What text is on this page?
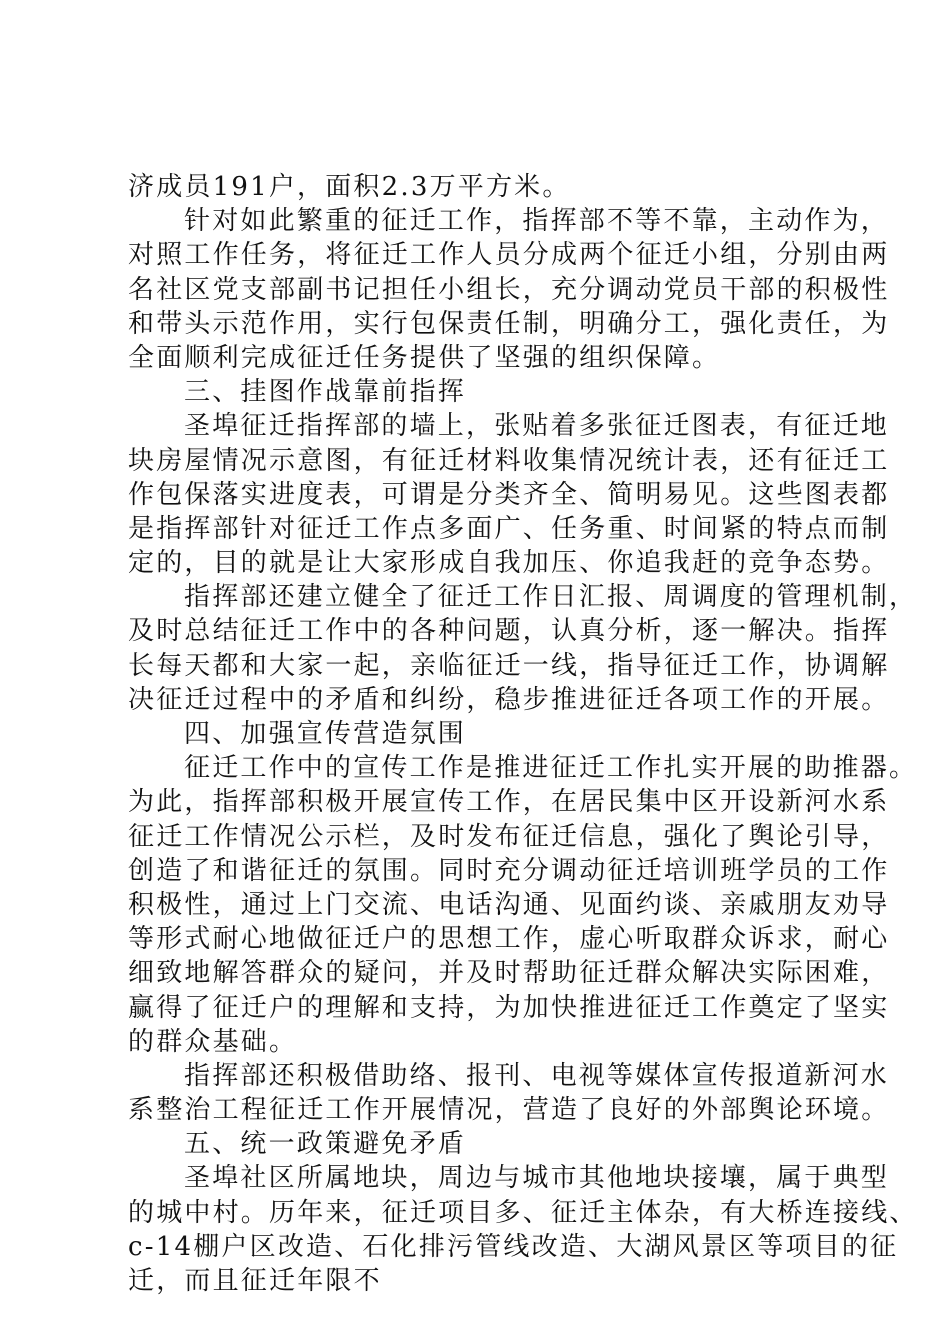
济成员191户，面积2.3万平方米。
针对如此繁重的征迁工作，指挥部不等不靠，主动作为，
对照工作任务，将征迁工作人员分成两个征迁小组，分别由两
名社区党支部副书记担任小组长，充分调动党员干部的积极性
和带头示范作用，实行包保责任制，明确分工，强化责任，为
全面顺利完成征迁任务提供了坚强的组织保障。
三、挂图作战靠前指挥
圣埠征迁指挥部的墙上，张贴着多张征迁图表，有征迁地
块房屋情况示意图，有征迁材料收集情况统计表，还有征迁工
作包保落实进度表，可谓是分类齐全、简明易见。这些图表都
是指挥部针对征迁工作点多面广、任务重、时间紧的特点而制
定的，目的就是让大家形成自我加压、你追我赶的竞争态势。
指挥部还建立健全了征迁工作日汇报、周调度的管理机制，
及时总结征迁工作中的各种问题，认真分析，逐一解决。指挥
长每天都和大家一起，亲临征迁一线，指导征迁工作，协调解
决征迁过程中的矛盾和纠纷，稳步推进征迁各项工作的开展。
四、加强宣传营造氛围
征迁工作中的宣传工作是推进征迁工作扎实开展的助推器。
为此，指挥部积极开展宣传工作，在居民集中区开设新河水系
征迁工作情况公示栏，及时发布征迁信息，强化了舆论引导，
创造了和谐征迁的氛围。同时充分调动征迁培训班学员的工作
积极性，通过上门交流、电话沟通、见面约谈、亲戚朋友劝导
等形式耐心地做征迁户的思想工作，虚心听取群众诉求，耐心
细致地解答群众的疑问，并及时帮助征迁群众解决实际困难，
赢得了征迁户的理解和支持，为加快推进征迁工作奠定了坚实
的群众基础。
指挥部还积极借助络、报刊、电视等媒体宣传报道新河水
系整治工程征迁工作开展情况，营造了良好的外部舆论环境。
五、统一政策避免矛盾
圣埠社区所属地块，周边与城市其他地块接壤，属于典型
的城中村。历年来，征迁项目多、征迁主体杂，有大桥连接线、
c-14棚户区改造、石化排污管线改造、大湖风景区等项目的征
迁，而且征迁年限不
